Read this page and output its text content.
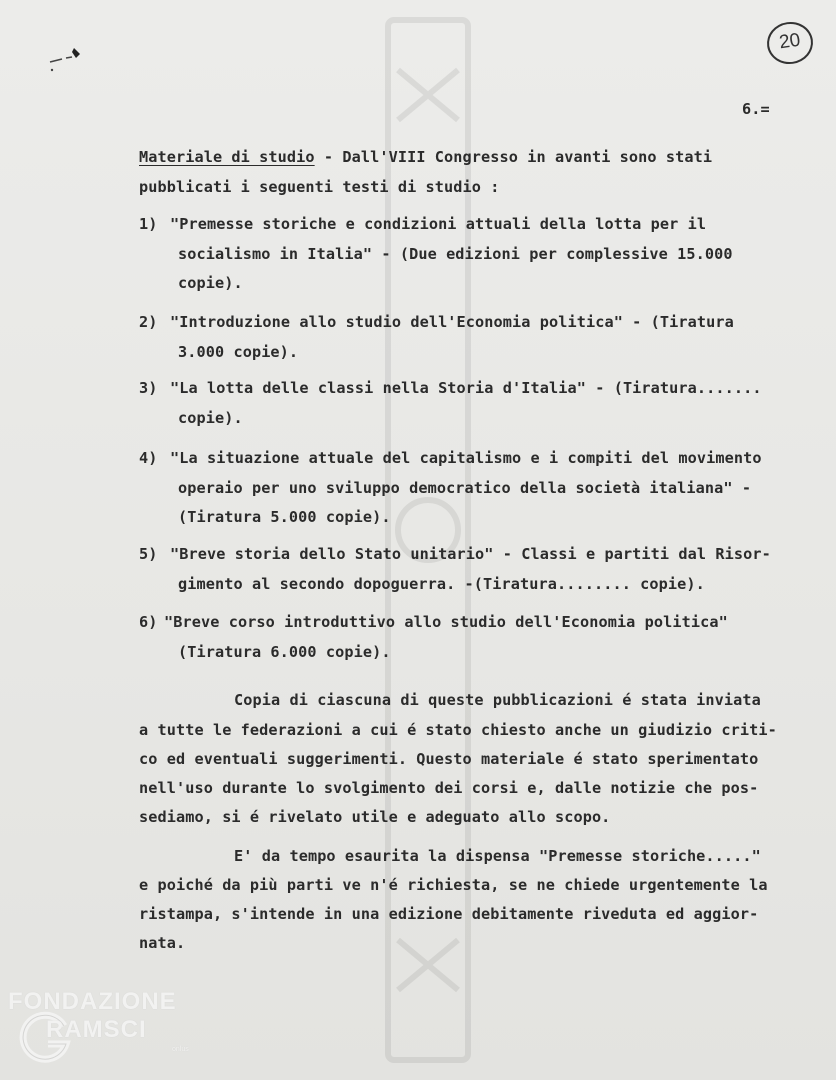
20
6.=
Materiale di studio - Dall'VIII Congresso in avanti sono stati
pubblicati i seguenti testi di studio :
1) "Premesse storiche e condizioni attuali della lotta per il
socialismo in Italia" - (Due edizioni per complessive 15.000
copie).
2) "Introduzione allo studio dell'Economia politica" - (Tiratura
3.000 copie).
3) "La lotta delle classi nella Storia d'Italia" - (Tiratura.......
copie).
4) "La situazione attuale del capitalismo e i compiti del movimento
operaio per uno sviluppo democratico della società italiana" -
(Tiratura 5.000 copie).
5) "Breve storia dello Stato unitario" - Classi e partiti dal Risor-
gimento al secondo dopoguerra. -(Tiratura........ copie).
6) "Breve corso introduttivo allo studio dell'Economia politica"
(Tiratura 6.000 copie).
Copia di ciascuna di queste pubblicazioni é stata inviata
a tutte le federazioni a cui é stato chiesto anche un giudizio criti-
co ed eventuali suggerimenti. Questo materiale é stato sperimentato
nell'uso durante lo svolgimento dei corsi e, dalle notizie che pos-
sediamo, si é rivelato utile e adeguato allo scopo.
E' da tempo esaurita la dispensa "Premesse storiche....."
e poiché da più parti ve n'é richiesta, se ne chiede urgentemente la
ristampa, s'intende in una edizione debitamente riveduta ed aggior-
nata.
FONDAZIONE
RAMSCI
onlus
